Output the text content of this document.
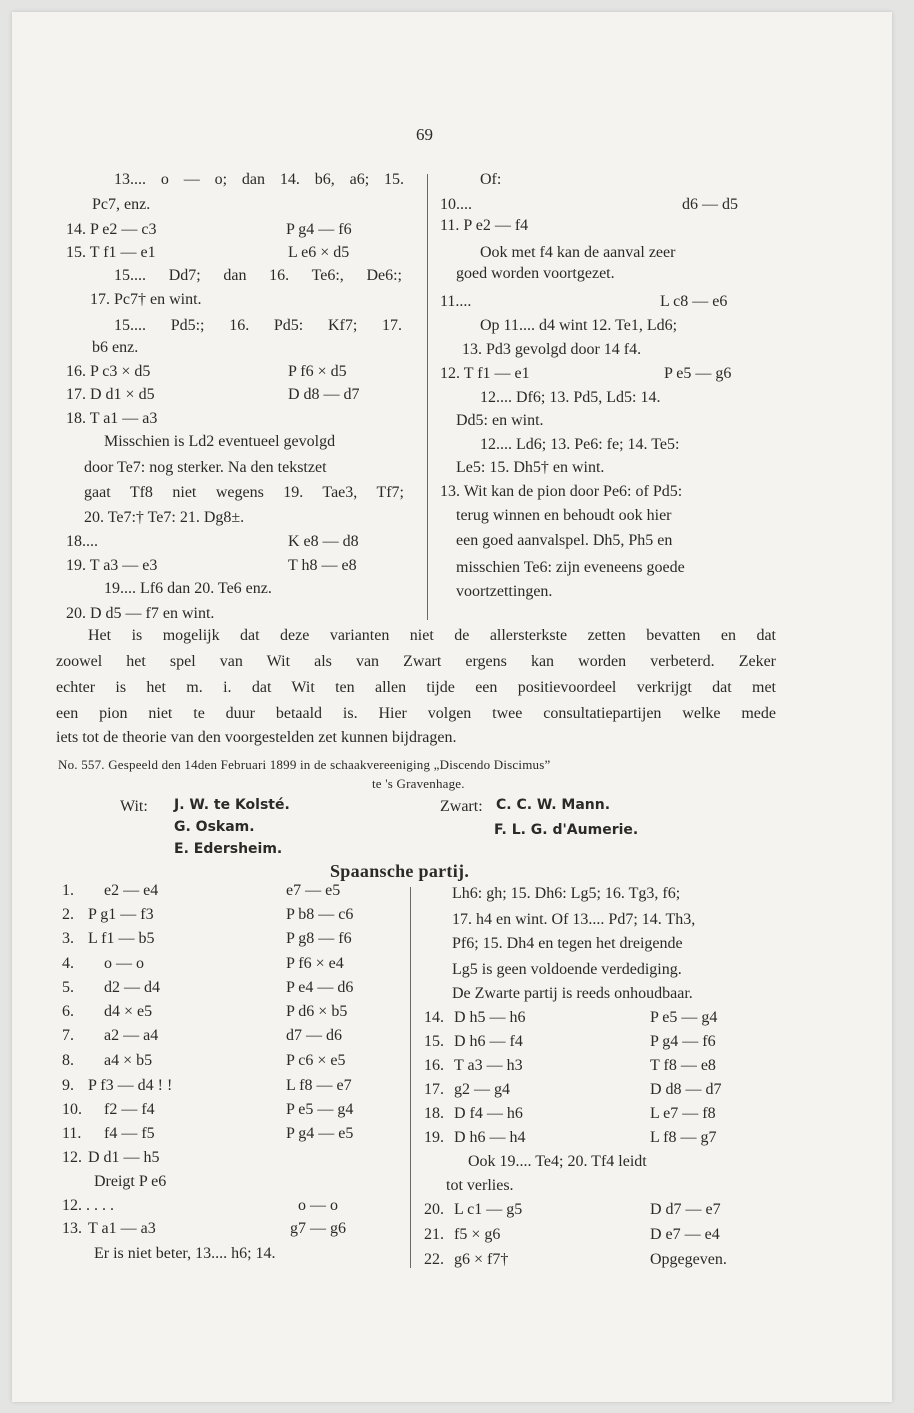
69
13.... o — o; dan 14. b6, a6; 15.
Pc7, enz.
14. P e2 — c3	P g4 — f6
15. T f1 — e1	L e6 × d5
15.... Dd7; dan 16. Te6:, De6:;
17. Pc7† en wint.
15.... Pd5:; 16. Pd5: Kf7; 17.
b6 enz.
16. P c3 × d5	P f6 × d5
17. D d1 × d5	D d8 — d7
18. T a1 — a3
Misschien is Ld2 eventueel gevolgd
door Te7: nog sterker. Na den tekstzet
gaat Tf8 niet wegens 19. Tae3, Tf7;
20. Te7:† Te7: 21. Dg8±.
18....	K e8 — d8
19. T a3 — e3	T h8 — e8
19.... Lf6 dan 20. Te6 enz.
20. D d5 — f7 en wint.
Of:
10....	d6 — d5
11. P e2 — f4
Ook met f4 kan de aanval zeer
goed worden voortgezet.
11....	L c8 — e6
Op 11.... d4 wint 12. Te1, Ld6;
13. Pd3 gevolgd door 14 f4.
12. T f1 — e1	P e5 — g6
12.... Df6; 13. Pd5, Ld5: 14.
Dd5: en wint.
12.... Ld6; 13. Pe6: fe; 14. Te5:
Le5: 15. Dh5† en wint.
13. Wit kan de pion door Pe6: of Pd5:
terug winnen en behoudt ook hier
een goed aanvalspel. Dh5, Ph5 en
misschien Te6: zijn eveneens goede
voortzettingen.
Het is mogelijk dat deze varianten niet de allersterkste zetten bevatten en dat
zoowel het spel van Wit als van Zwart ergens kan worden verbeterd. Zeker
echter is het m. i. dat Wit ten allen tijde een positievoordeel verkrijgt dat met
een pion niet te duur betaald is. Hier volgen twee consultatiepartijen welke mede
iets tot de theorie van den voorgestelden zet kunnen bijdragen.
No. 557. Gespeeld den 14den Februari 1899 in de schaakvereeniging „Discendo Discimus”
te 's Gravenhage.
Wit: J. W. te Kolsté.
G. Oskam.
E. Edersheim.
Zwart: C. C. W. Mann.
F. L. G. d'Aumerie.
Spaansche partij.
1. e2 — e4	e7 — e5
2. P g1 — f3	P b8 — c6
3. L f1 — b5	P g8 — f6
4. o — o	P f6 × e4
5. d2 — d4	P e4 — d6
6. d4 × e5	P d6 × b5
7. a2 — a4	d7 — d6
8. a4 × b5	P c6 × e5
9. P f3 — d4 ! !	L f8 — e7
10. f2 — f4	P e5 — g4
11. f4 — f5	P g4 — e5
12. D d1 — h5
Dreigt P e6
12. . . . .	o — o
13. T a1 — a3	g7 — g6
Er is niet beter, 13.... h6; 14.
Lh6: gh; 15. Dh6: Lg5; 16. Tg3, f6;
17. h4 en wint. Of 13.... Pd7; 14. Th3,
Pf6; 15. Dh4 en tegen het dreigende
Lg5 is geen voldoende verdediging.
De Zwarte partij is reeds onhoudbaar.
14. D h5 — h6	P e5 — g4
15. D h6 — f4	P g4 — f6
16. T a3 — h3	T f8 — e8
17. g2 — g4	D d8 — d7
18. D f4 — h6	L e7 — f8
19. D h6 — h4	L f8 — g7
Ook 19.... Te4; 20. Tf4 leidt
tot verlies.
20. L c1 — g5	D d7 — e7
21. f5 × g6	D e7 — e4
22. g6 × f7†	Opgegeven.
